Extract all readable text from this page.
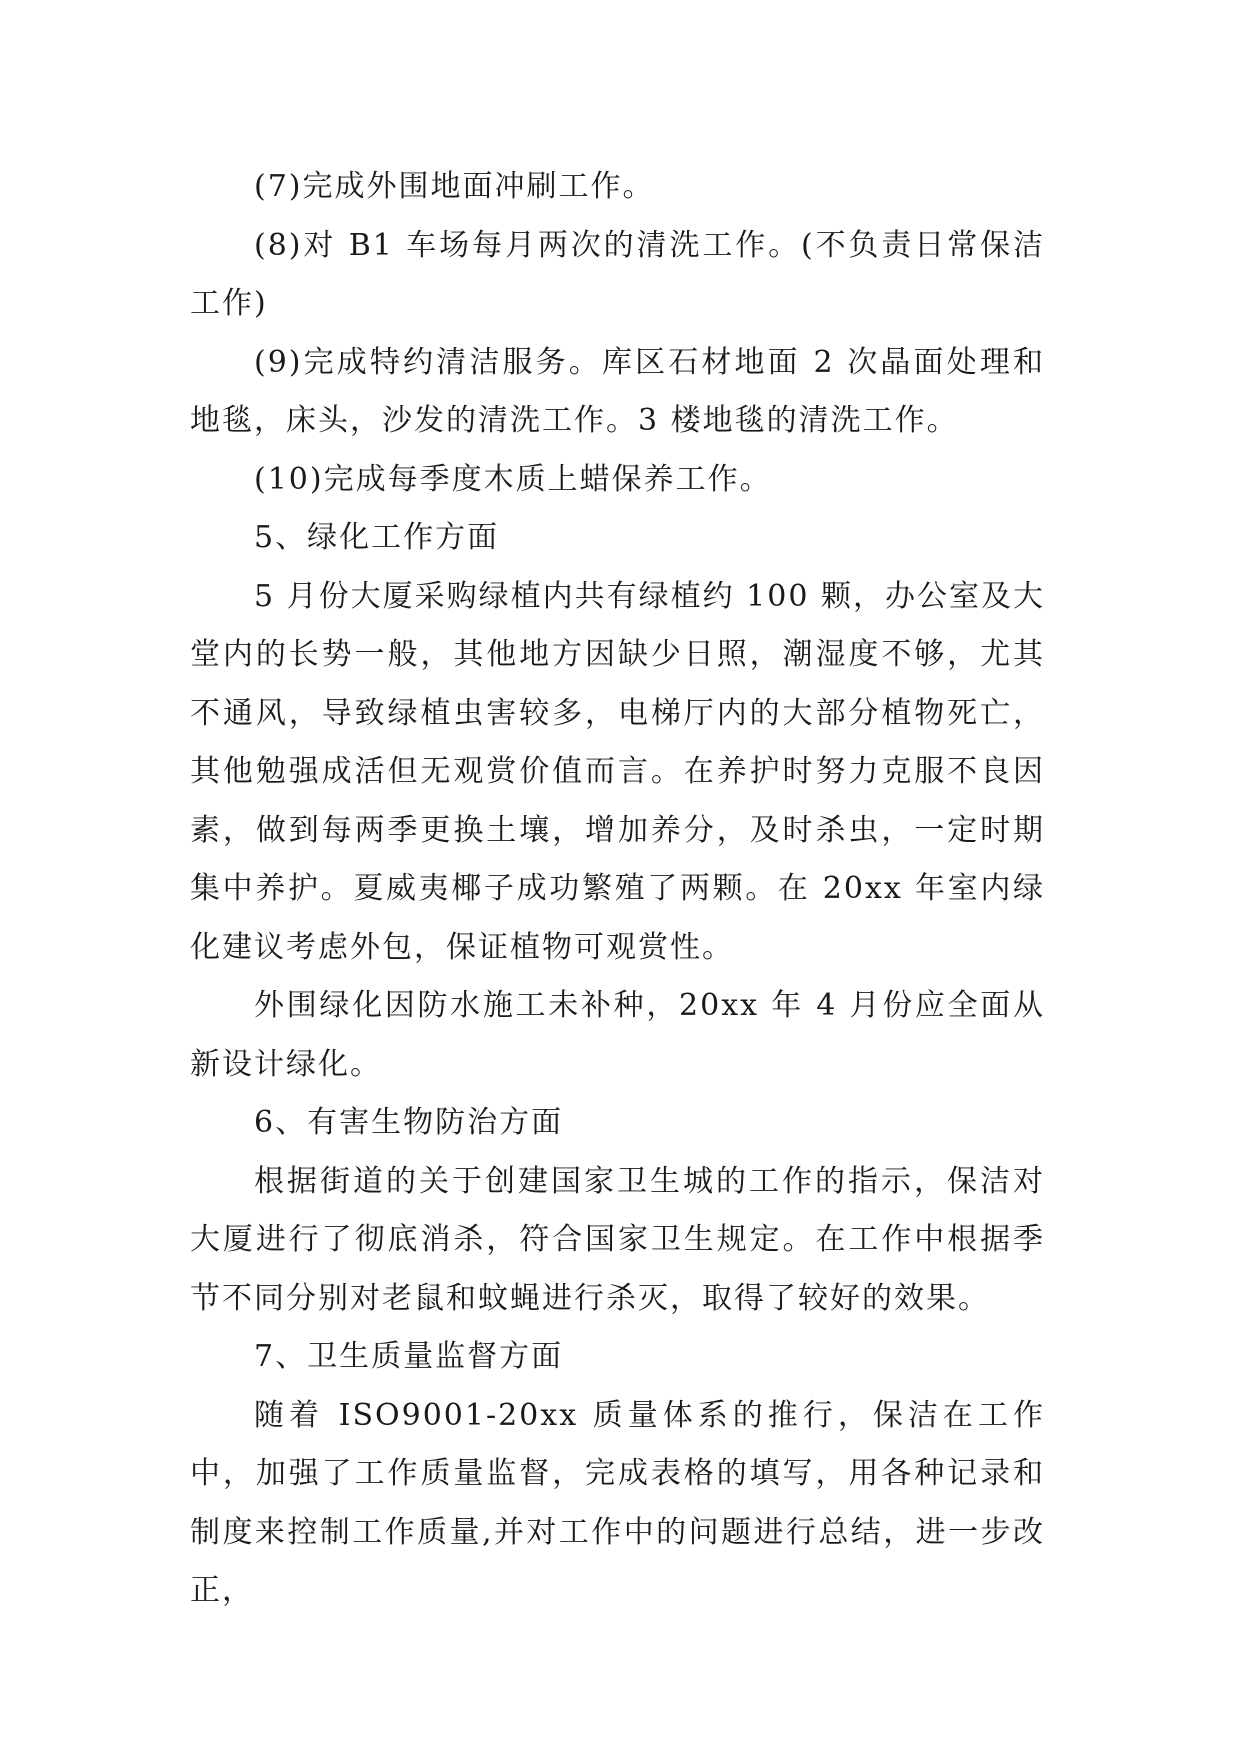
(7)完成外围地面冲刷工作。

(8)对 B1 车场每月两次的清洗工作。(不负责日常保洁工作)

(9)完成特约清洁服务。库区石材地面 2 次晶面处理和地毯，床头，沙发的清洗工作。3 楼地毯的清洗工作。

(10)完成每季度木质上蜡保养工作。

5、绿化工作方面

5 月份大厦采购绿植内共有绿植约 100 颗，办公室及大堂内的长势一般，其他地方因缺少日照，潮湿度不够，尤其不通风，导致绿植虫害较多，电梯厅内的大部分植物死亡，其他勉强成活但无观赏价值而言。在养护时努力克服不良因素，做到每两季更换土壤，增加养分，及时杀虫，一定时期集中养护。夏威夷椰子成功繁殖了两颗。在 20xx 年室内绿化建议考虑外包，保证植物可观赏性。

外围绿化因防水施工未补种，20xx 年 4 月份应全面从新设计绿化。

6、有害生物防治方面

根据街道的关于创建国家卫生城的工作的指示，保洁对大厦进行了彻底消杀，符合国家卫生规定。在工作中根据季节不同分别对老鼠和蚊蝇进行杀灭，取得了较好的效果。

7、卫生质量监督方面

随着 ISO9001-20xx 质量体系的推行，保洁在工作中，加强了工作质量监督，完成表格的填写，用各种记录和制度来控制工作质量,并对工作中的问题进行总结，进一步改正，
